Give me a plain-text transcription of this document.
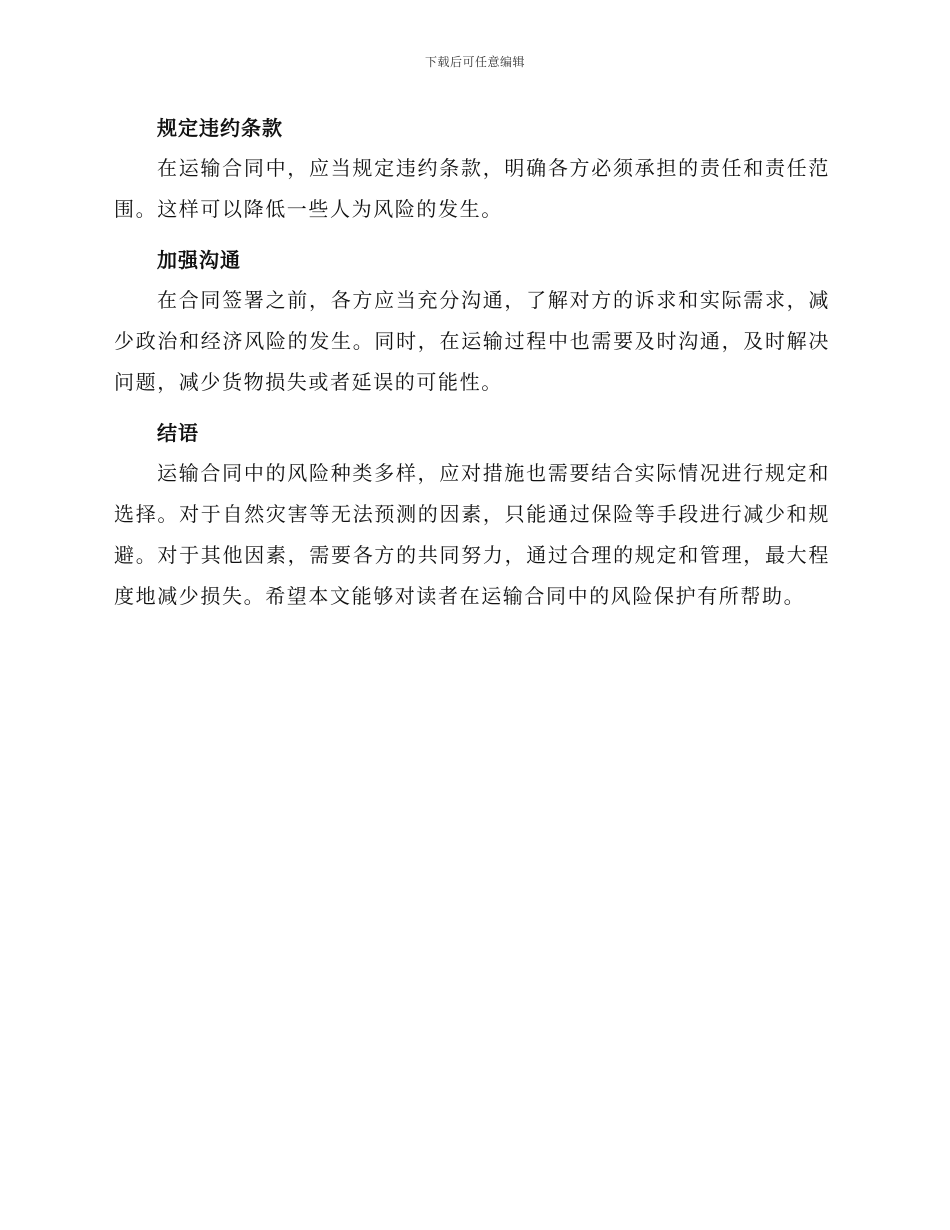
下载后可任意编辑
规定违约条款

在运输合同中，应当规定违约条款，明确各方必须承担的责任和责任范围。这样可以降低一些人为风险的发生。

加强沟通

在合同签署之前，各方应当充分沟通，了解对方的诉求和实际需求，减少政治和经济风险的发生。同时，在运输过程中也需要及时沟通，及时解决问题，减少货物损失或者延误的可能性。

结语

运输合同中的风险种类多样，应对措施也需要结合实际情况进行规定和选择。对于自然灾害等无法预测的因素，只能通过保险等手段进行减少和规避。对于其他因素，需要各方的共同努力，通过合理的规定和管理，最大程度地减少损失。希望本文能够对读者在运输合同中的风险保护有所帮助。
